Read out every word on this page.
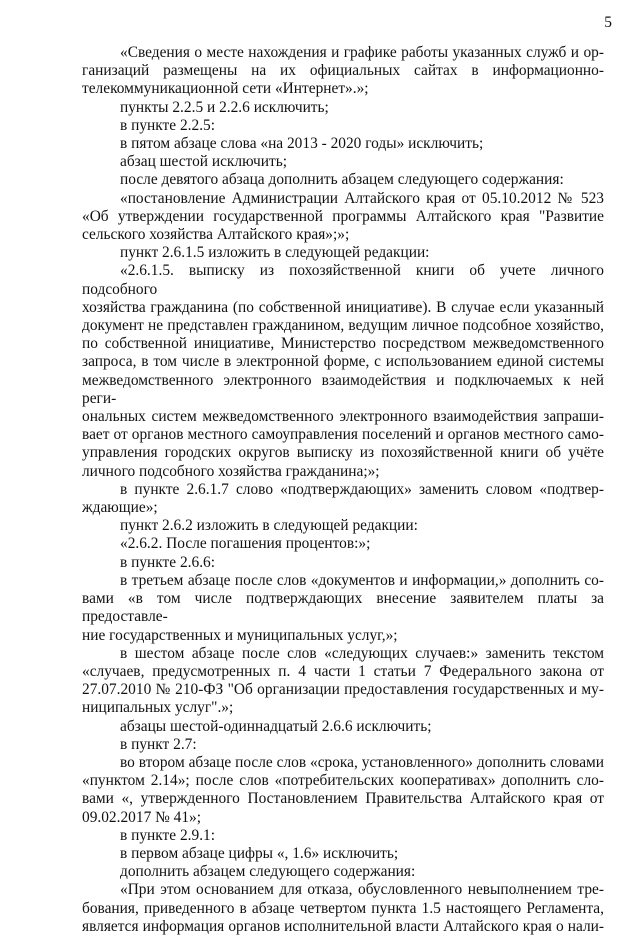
5

«Сведения о месте нахождения и графике работы указанных служб и ор-

ганизаций размещены на их официальных сайтах в информационно-

телекоммуникационной сети «Интернет».»;

пункты 2.2.5 и 2.2.6 исключить;

в пункте 2.2.5:

в пятом абзаце слова «на 2013 - 2020 годы» исключить;

абзац шестой исключить;

после девятого абзаца дополнить абзацем следующего содержания:

«постановление Администрации Алтайского края от 05.10.2012 № 523

«Об утверждении государственной программы Алтайского края "Развитие

сельского хозяйства Алтайского края»;»;

пункт 2.6.1.5 изложить в следующей редакции:

«2.6.1.5. выписку из похозяйственной книги об учете личного подсобного

хозяйства гражданина (по собственной инициативе). В случае если указанный

документ не представлен гражданином, ведущим личное подсобное хозяйство,

по собственной инициативе, Министерство посредством межведомственного

запроса, в том числе в электронной форме, с использованием единой системы

межведомственного электронного взаимодействия и подключаемых к ней реги-

ональных систем межведомственного электронного взаимодействия запраши-

вает от органов местного самоуправления поселений и органов местного само-

управления городских округов выписку из похозяйственной книги об учёте

личного подсобного хозяйства гражданина;»;

в пункте 2.6.1.7 слово «подтверждающих» заменить словом «подтвер-

ждающие»;

пункт 2.6.2 изложить в следующей редакции:

«2.6.2. После погашения процентов:»;

в пункте 2.6.6:

в третьем абзаце после слов «документов и информации,» дополнить со-

вами «в том числе подтверждающих внесение заявителем платы за предоставле-

ние государственных и муниципальных услуг,»;

в шестом абзаце после слов «следующих случаев:» заменить текстом

«случаев, предусмотренных п. 4 части 1 статьи 7 Федерального закона от

27.07.2010 № 210-ФЗ "Об организации предоставления государственных и му-

ниципальных услуг".»;

абзацы шестой-одиннадцатый 2.6.6 исключить;

в пункт 2.7:

во втором абзаце после слов «срока, установленного» дополнить словами

«пунктом 2.14»; после слов «потребительских кооперативах» дополнить сло-

вами «, утвержденного Постановлением Правительства Алтайского края от

09.02.2017 № 41»;

в пункте 2.9.1:

в первом абзаце цифры «, 1.6» исключить;

дополнить абзацем следующего содержания:

«При этом основанием для отказа, обусловленного невыполнением тре-

бования, приведенного в абзаце четвертом пункта 1.5 настоящего Регламента,

является информация органов исполнительной власти Алтайского края о нали-
